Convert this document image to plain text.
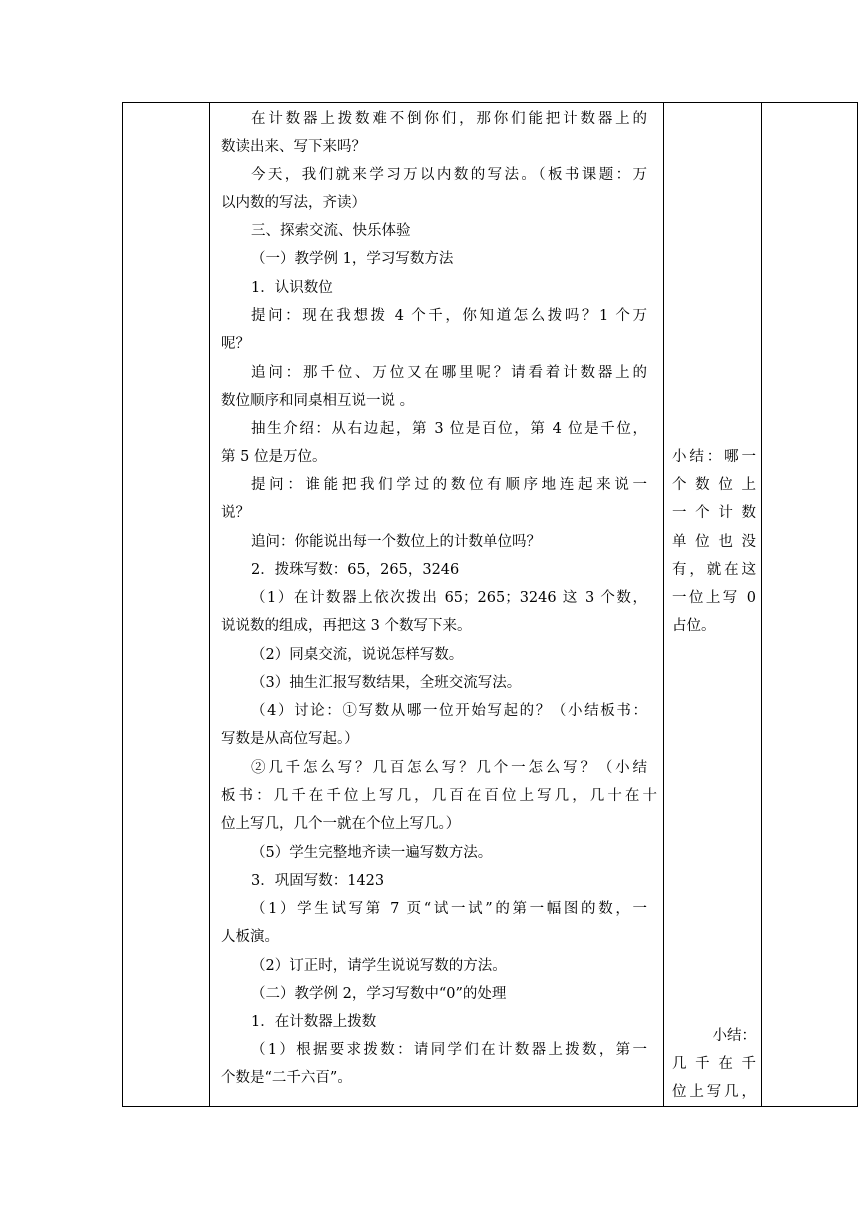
在计数器上拨数难不倒你们，那你们能把计数器上的
数读出来、写下来吗？
今天，我们就来学习万以内数的写法。（板书课题：万
以内数的写法，齐读）
三、探索交流、快乐体验
（一）教学例 1，学习写数方法
1．认识数位
提问：现在我想拨 4 个千，你知道怎么拨吗？1 个万
呢？
追问：那千位、万位又在哪里呢？请看着计数器上的
数位顺序和同桌相互说一说 。
抽生介绍：从右边起，第 3 位是百位，第 4 位是千位，
第 5 位是万位。
提问：谁能把我们学过的数位有顺序地连起来说一
说？
追问：你能说出每一个数位上的计数单位吗？
2．拨珠写数：65，265，3246
（1）在计数器上依次拨出 65；265；3246 这 3 个数，
说说数的组成，再把这 3 个数写下来。
（2）同桌交流，说说怎样写数。
（3）抽生汇报写数结果，全班交流写法。
（4）讨论：①写数从哪一位开始写起的？（小结板书：
写数是从高位写起。）
②几千怎么写？几百怎么写？几个一怎么写？（小结
板书：几千在千位上写几，几百在百位上写几，几十在十
位上写几，几个一就在个位上写几。）
（5）学生完整地齐读一遍写数方法。
3．巩固写数：1423
（1）学生试写第 7 页“试一试”的第一幅图的数，一
人板演。
（2）订正时，请学生说说写数的方法。
（二）教学例 2，学习写数中“0”的处理
1．在计数器上拨数
（1）根据要求拨数：请同学们在计数器上拨数，第一
个数是“二千六百”。
小结：哪一
个 数 位 上
一 个 计 数
单 位 也 没
有，就在这
一位上写 0
占位。
小结：
几 千 在 千
位上写几，
